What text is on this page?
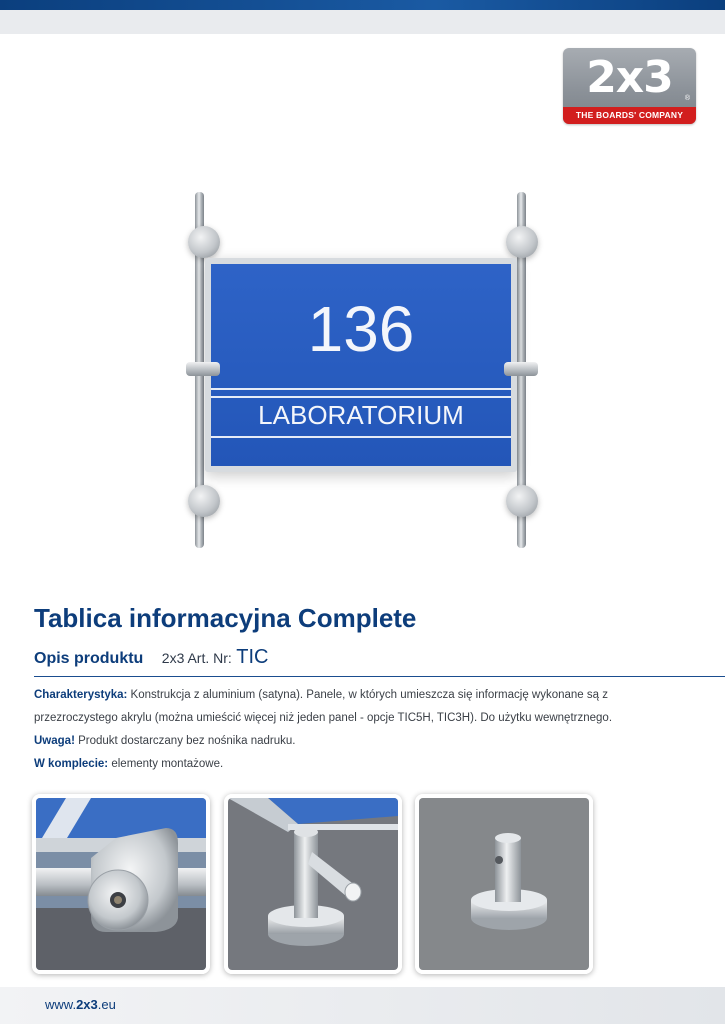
2x3	®
THE BOARDS' COMPANY
136
LABORATORIUM
Tablica informacyjna Complete
Opis produktu 2x3 Art. Nr: TIC

Charakterystyka: Konstrukcja z aluminium (satyna). Panele, w których umieszcza się informację wykonane są z przezroczystego akrylu (można umieścić więcej niż jeden panel - opcje TIC5H, TIC3H). Do użytku wewnętrznego.

Uwaga! Produkt dostarczany bez nośnika nadruku.

W komplecie: elementy montażowe.

www.2x3.eu
